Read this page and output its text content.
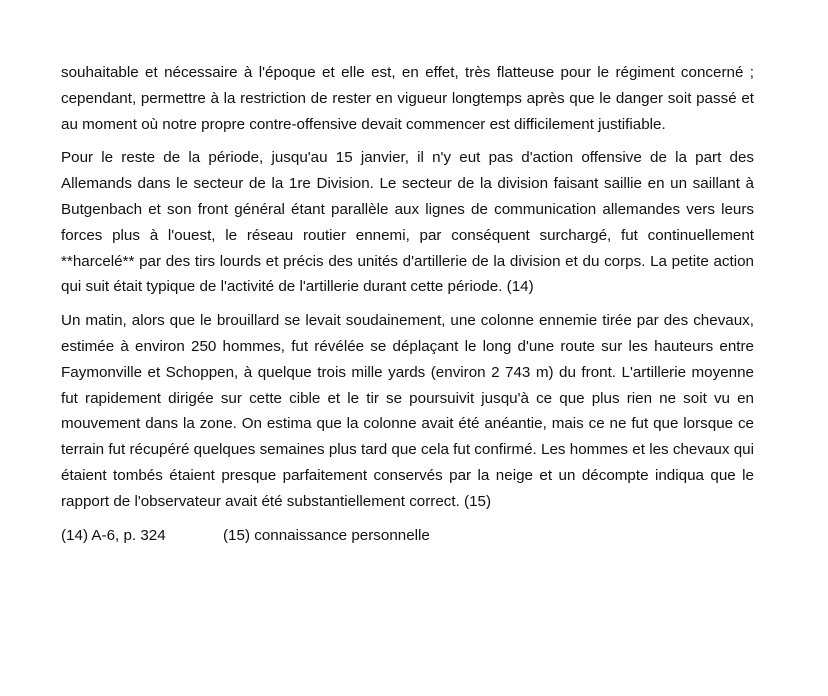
souhaitable et nécessaire à l'époque et elle est, en effet, très flatteuse pour le régiment concerné ; cependant, permettre à la restriction de rester en vigueur longtemps après que le danger soit passé et au moment où notre propre contre-offensive devait commencer est difficilement justifiable.

Pour le reste de la période, jusqu'au 15 janvier, il n'y eut pas d'action offensive de la part des Allemands dans le secteur de la 1re Division. Le secteur de la division faisant saillie en un saillant à Butgenbach et son front général étant parallèle aux lignes de communication allemandes vers leurs forces plus à l'ouest, le réseau routier ennemi, par conséquent surchargé, fut continuellement **harcelé** par des tirs lourds et précis des unités d'artillerie de la division et du corps. La petite action qui suit était typique de l'activité de l'artillerie durant cette période. (14)

Un matin, alors que le brouillard se levait soudainement, une colonne ennemie tirée par des chevaux, estimée à environ 250 hommes, fut révélée se déplaçant le long d'une route sur les hauteurs entre Faymonville et Schoppen, à quelque trois mille yards (environ 2 743 m) du front. L'artillerie moyenne fut rapidement dirigée sur cette cible et le tir se poursuivit jusqu'à ce que plus rien ne soit vu en mouvement dans la zone. On estima que la colonne avait été anéantie, mais ce ne fut que lorsque ce terrain fut récupéré quelques semaines plus tard que cela fut confirmé. Les hommes et les chevaux qui étaient tombés étaient presque parfaitement conservés par la neige et un décompte indiqua que le rapport de l'observateur avait été substantiellement correct. (15)

(14) A-6, p. 324	(15) connaissance personnelle
